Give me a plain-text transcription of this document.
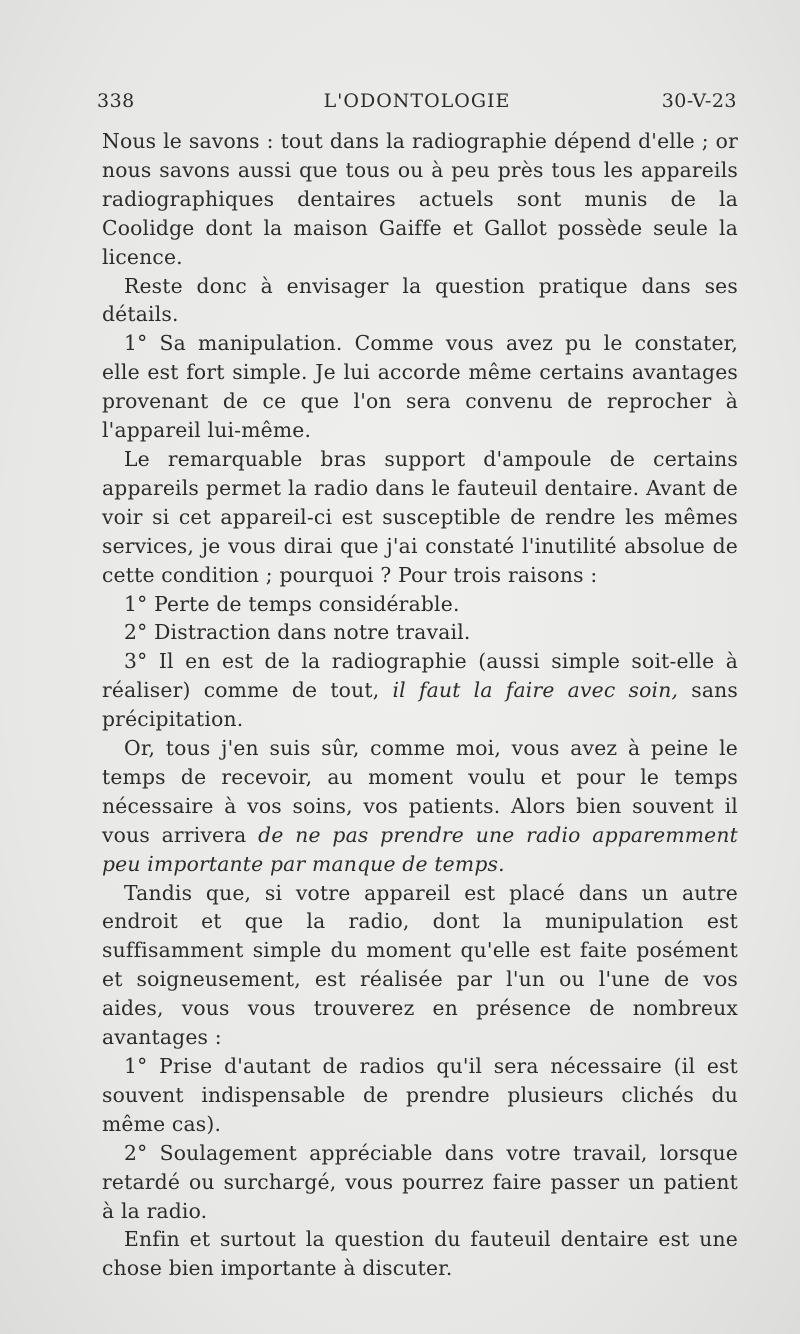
338	L'ODONTOLOGIE	30-V-23

Nous le savons : tout dans la radiographie dépend d'elle ; or nous savons aussi que tous ou à peu près tous les appareils radiographiques dentaires actuels sont munis de la Coolidge dont la maison Gaiffe et Gallot possède seule la licence.

Reste donc à envisager la question pratique dans ses détails.

1° Sa manipulation. Comme vous avez pu le constater, elle est fort simple. Je lui accorde même certains avantages provenant de ce que l'on sera convenu de reprocher à l'appareil lui-même.

Le remarquable bras support d'ampoule de certains appareils permet la radio dans le fauteuil dentaire. Avant de voir si cet appareil-ci est susceptible de rendre les mêmes services, je vous dirai que j'ai constaté l'inutilité absolue de cette condition ; pourquoi ? Pour trois raisons :

1° Perte de temps considérable.

2° Distraction dans notre travail.

3° Il en est de la radiographie (aussi simple soit-elle à réaliser) comme de tout, il faut la faire avec soin, sans précipitation.

Or, tous j'en suis sûr, comme moi, vous avez à peine le temps de recevoir, au moment voulu et pour le temps nécessaire à vos soins, vos patients. Alors bien souvent il vous arrivera de ne pas prendre une radio apparemment peu importante par manque de temps.

Tandis que, si votre appareil est placé dans un autre endroit et que la radio, dont la munipulation est suffisamment simple du moment qu'elle est faite posément et soigneusement, est réalisée par l'un ou l'une de vos aides, vous vous trouverez en présence de nombreux avantages :

1° Prise d'autant de radios qu'il sera nécessaire (il est souvent indispensable de prendre plusieurs clichés du même cas).

2° Soulagement appréciable dans votre travail, lorsque retardé ou surchargé, vous pourrez faire passer un patient à la radio.

Enfin et surtout la question du fauteuil dentaire est une chose bien importante à discuter.
